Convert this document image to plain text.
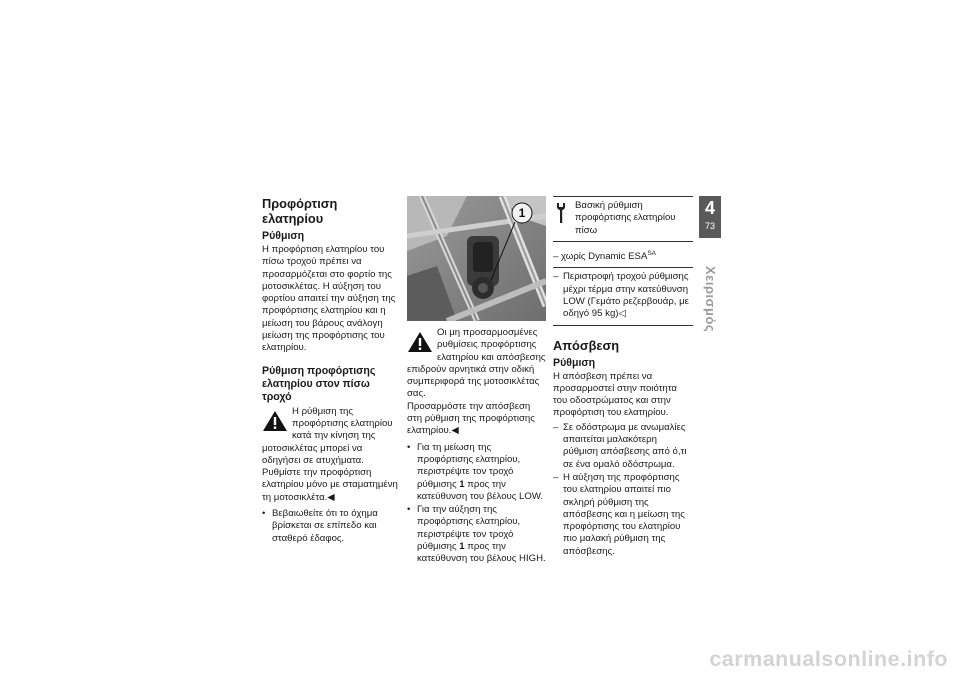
Προφόρτιση ελατηρίου
Ρύθμιση

Η προφόρτιση ελατηρίου του πίσω τροχού πρέπει να προσαρμόζεται στο φορτίο της μοτοσικλέτας. Η αύξηση του φορτίου απαιτεί την αύξηση της προφόρτισης ελατηρίου και η μείωση του βάρους ανάλογη μείωση της προφόρτισης του ελατηρίου.

Ρύθμιση προφόρτισης ελατηρίου στον πίσω τροχό

Η ρύθμιση της προφόρτισης ελατηρίου κατά την κίνηση της μοτοσικλέτας μπορεί να οδηγήσει σε ατυχήματα.

Ρυθμίστε την προφόρτιση ελατηρίου μόνο με σταματημένη τη μοτοσικλέτα.◀

• Βεβαιωθείτε ότι το όχημα βρίσκεται σε επίπεδο και σταθερό έδαφος.
1

Οι μη προσαρμοσμένες ρυθμίσεις προφόρτισης ελατηρίου και απόσβεσης επιδρούν αρνητικά στην οδική συμπεριφορά της μοτοσικλέτας σας.

Προσαρμόστε την απόσβεση στη ρύθμιση της προφόρτισης ελατηρίου.◀

• Για τη μείωση της προφόρτισης ελατηρίου, περιστρέψτε τον τροχό ρύθμισης 1 προς την κατεύθυνση του βέλους LOW.
• Για την αύξηση της προφόρτισης ελατηρίου, περιστρέψτε τον τροχό ρύθμισης 1 προς την κατεύθυνση του βέλους HIGH.

Βασική ρύθμιση προφόρτισης ελατηρίου πίσω

– χωρίς Dynamic $ESA^{SA}$
– Περιστροφή τροχού ρύθμισης μέχρι τέρμα στην κατεύθυνση LOW (Γεμάτο ρεζερβουάρ, με οδηγό 95 kg)◁
Απόσβεση
Ρύθμιση

Η απόσβεση πρέπει να προσαρμοστεί στην ποιότητα του οδοστρώματος και στην προφόρτιση του ελατηρίου.

– Σε οδόστρωμα με ανωμαλίες απαιτείται μαλακότερη ρύθμιση απόσβεσης από ό,τι σε ένα ομαλό οδόστρωμα.
– Η αύξηση της προφόρτισης του ελατηρίου απαιτεί πιο σκληρή ρύθμιση της απόσβεσης και η μείωση της προφόρτισης του ελατηρίου πιο μαλακή ρύθμιση της απόσβεσης.
4
73
Χειρισμός
carmanualsonline.info
